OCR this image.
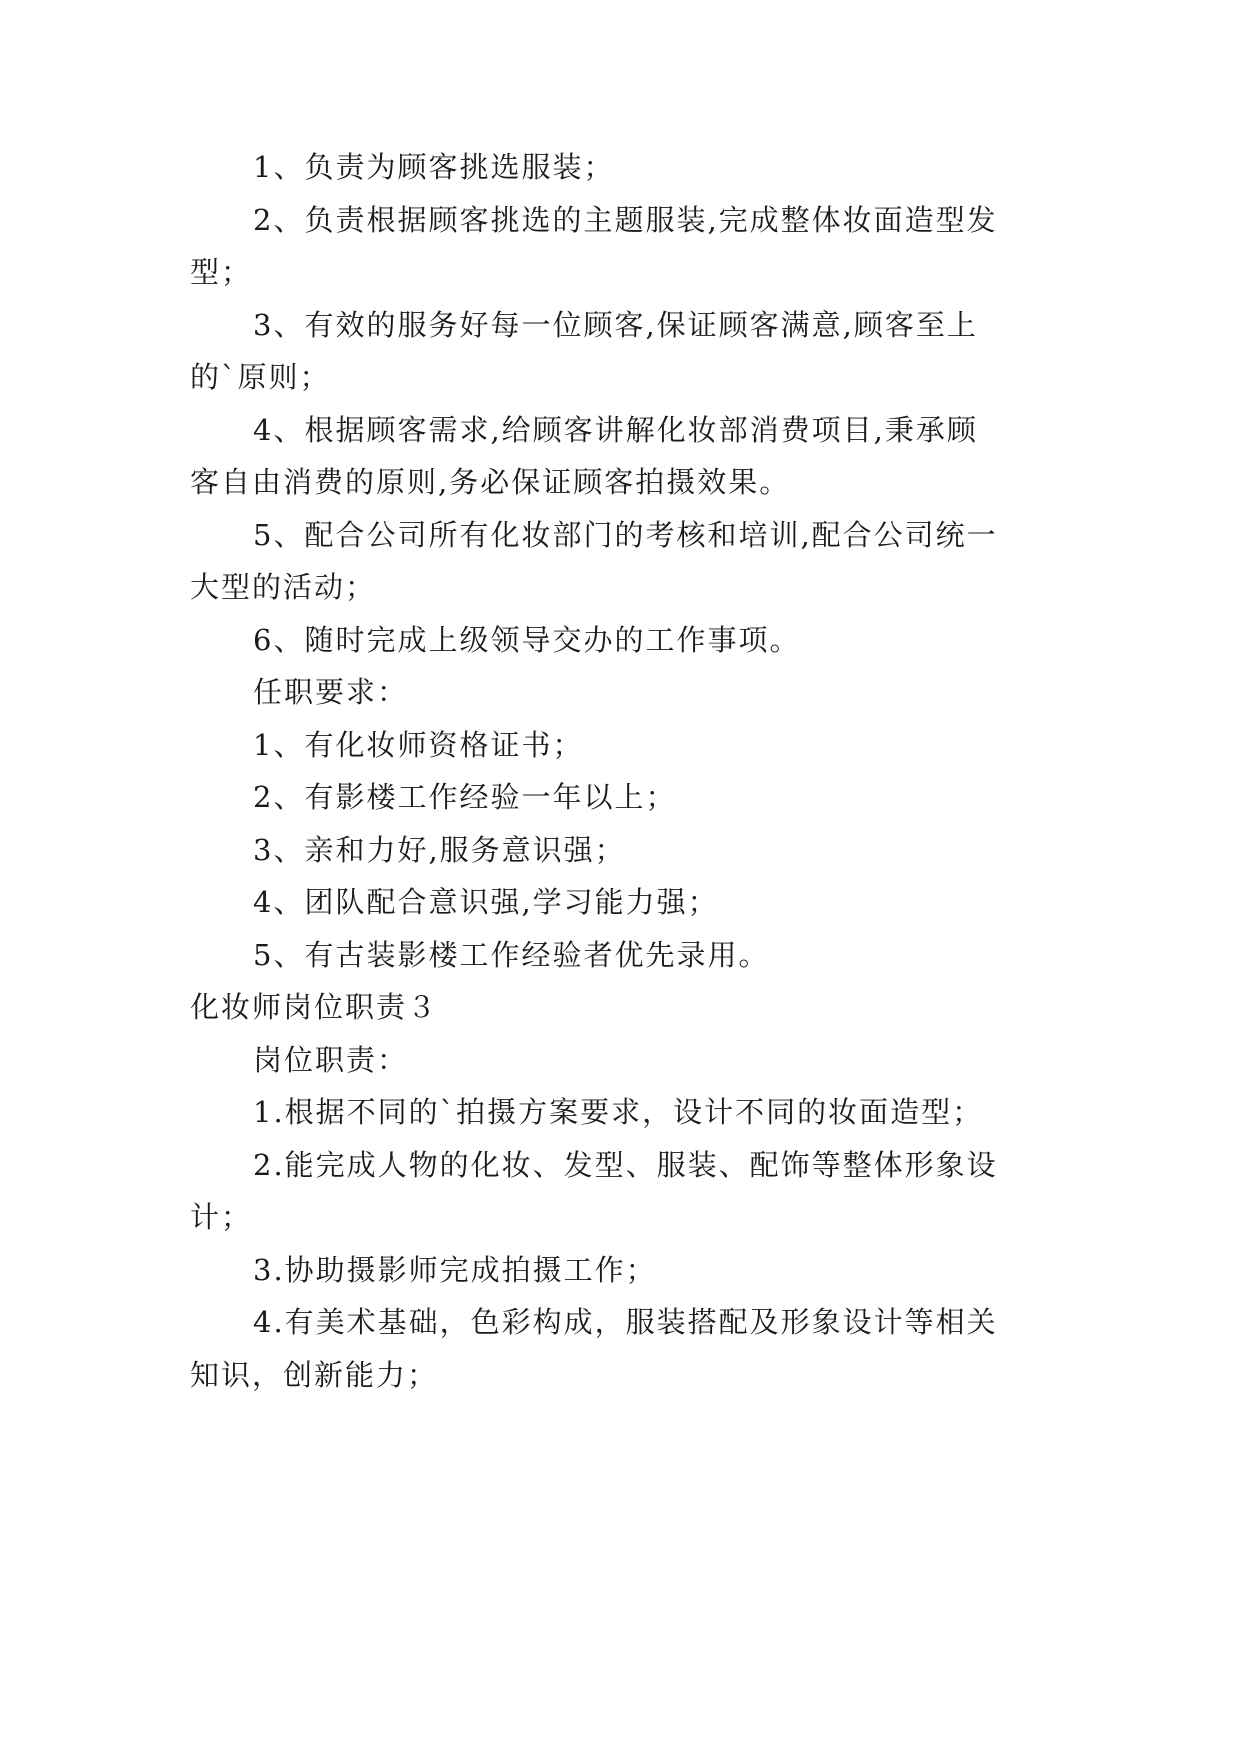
1、负责为顾客挑选服装；
2、负责根据顾客挑选的主题服装,完成整体妆面造型发
型；
3、有效的服务好每一位顾客,保证顾客满意,顾客至上
的`原则；
4、根据顾客需求,给顾客讲解化妆部消费项目,秉承顾
客自由消费的原则,务必保证顾客拍摄效果。
5、配合公司所有化妆部门的考核和培训,配合公司统一
大型的活动；
6、随时完成上级领导交办的工作事项。
任职要求：
1、有化妆师资格证书；
2、有影楼工作经验一年以上；
3、亲和力好,服务意识强；
4、团队配合意识强,学习能力强；
5、有古装影楼工作经验者优先录用。
化妆师岗位职责３
岗位职责：
1.根据不同的`拍摄方案要求，设计不同的妆面造型；
2.能完成人物的化妆、发型、服装、配饰等整体形象设
计；
3.协助摄影师完成拍摄工作；
4.有美术基础，色彩构成，服装搭配及形象设计等相关
知识，创新能力；
